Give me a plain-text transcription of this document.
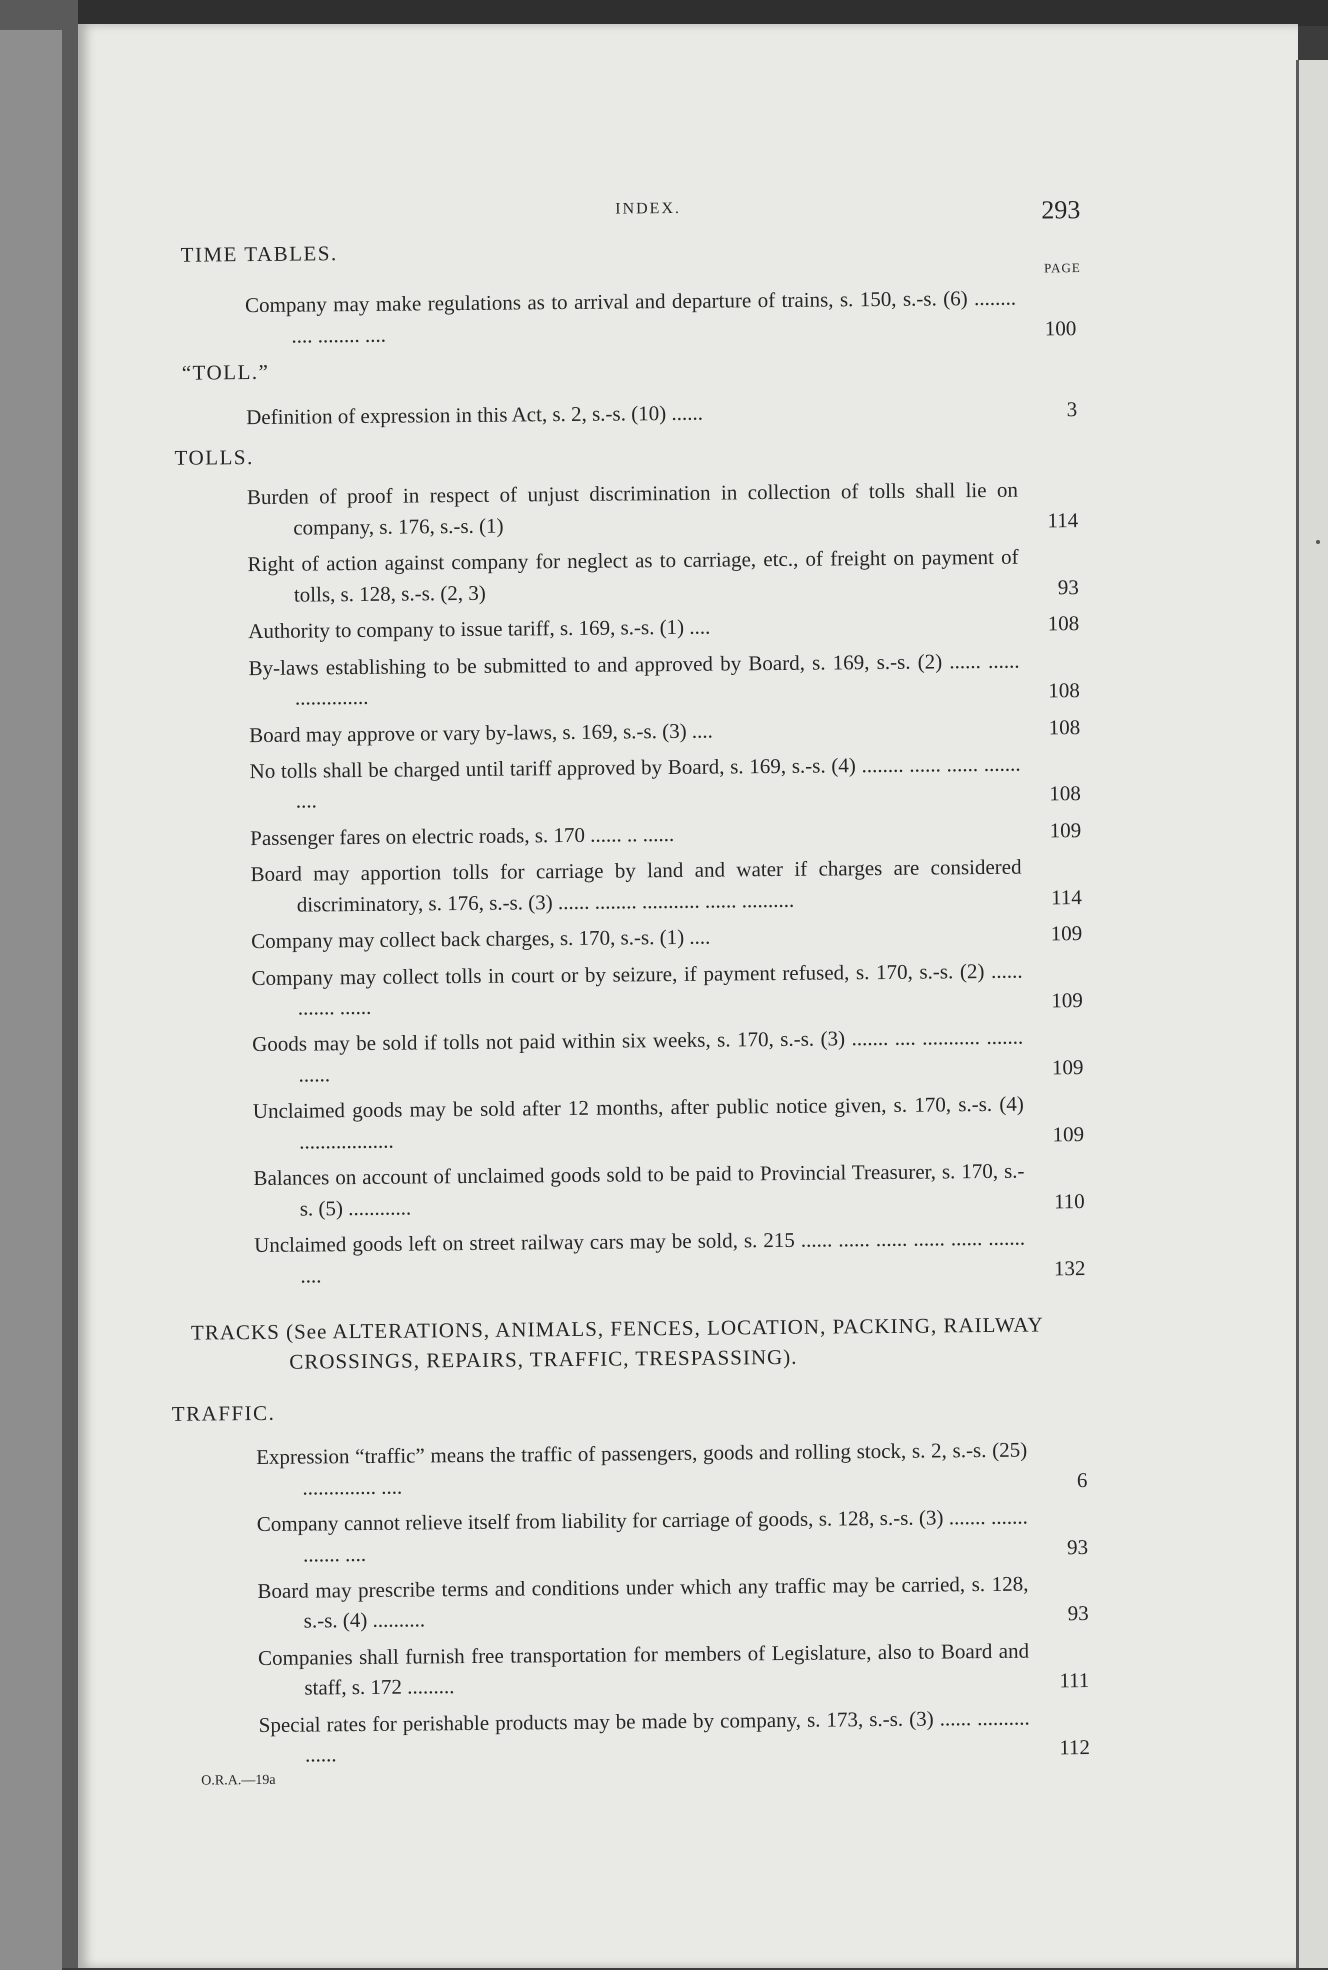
INDEX.	293
TIME TABLES.
PAGE
Company may make regulations as to arrival and departure of trains, s. 150, s.-s. (6) ........ .... ........ ....	100
“TOLL.”
Definition of expression in this Act, s. 2, s.-s. (10) ......	3
TOLLS.
Burden of proof in respect of unjust discrimination in collection of tolls shall lie on company, s. 176, s.-s. (1)	114
Right of action against company for neglect as to carriage, etc., of freight on payment of tolls, s. 128, s.-s. (2, 3)	93
Authority to company to issue tariff, s. 169, s.-s. (1) ....	108
By-laws establishing to be submitted to and approved by Board, s. 169, s.-s. (2) ...... ...... ..............	108
Board may approve or vary by-laws, s. 169, s.-s. (3) ....	108
No tolls shall be charged until tariff approved by Board, s. 169, s.-s. (4) ........ ...... ...... ....... ....	108
Passenger fares on electric roads, s. 170 ...... .. ......	109
Board may apportion tolls for carriage by land and water if charges are considered discriminatory, s. 176, s.-s. (3) ...... ........ ........... ...... ..........	114
Company may collect back charges, s. 170, s.-s. (1) ....	109
Company may collect tolls in court or by seizure, if payment refused, s. 170, s.-s. (2) ...... ....... ......	109
Goods may be sold if tolls not paid within six weeks, s. 170, s.-s. (3) ....... .... ........... ....... ......	109
Unclaimed goods may be sold after 12 months, after public notice given, s. 170, s.-s. (4) ..................	109
Balances on account of unclaimed goods sold to be paid to Provincial Treasurer, s. 170, s.-s. (5) ............	110
Unclaimed goods left on street railway cars may be sold, s. 215 ...... ...... ...... ...... ...... ....... ....	132
TRACKS (See ALTERATIONS, ANIMALS, FENCES, LOCATION, PACKING, RAILWAY CROSSINGS, REPAIRS, TRAFFIC, TRESPASSING).
TRAFFIC.
Expression “traffic” means the traffic of passengers, goods and rolling stock, s. 2, s.-s. (25) .............. ....	6
Company cannot relieve itself from liability for carriage of goods, s. 128, s.-s. (3) ....... ....... ....... ....	93
Board may prescribe terms and conditions under which any traffic may be carried, s. 128, s.-s. (4) ..........	93
Companies shall furnish free transportation for members of Legislature, also to Board and staff, s. 172 .........	111
Special rates for perishable products may be made by company, s. 173, s.-s. (3) ...... .......... ......	112
O.R.A.—19a
